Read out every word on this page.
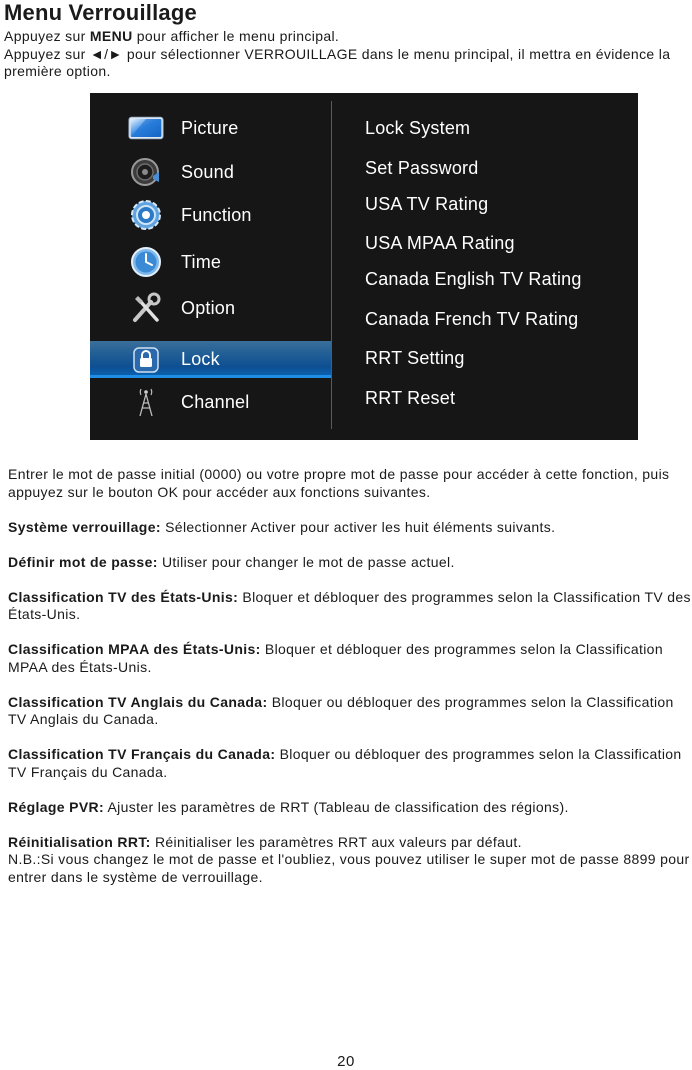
Menu Verrouillage

Appuyez sur MENU pour afficher le menu principal.

Appuyez sur ◄/► pour sélectionner VERROUILLAGE dans le menu principal, il mettra en évidence la première option.

Picture
Sound
Function
Time
Option
Lock
Channel
Lock System
Set Password
USA TV Rating
USA MPAA Rating
Canada English TV Rating
Canada French TV Rating
RRT Setting
RRT Reset

Entrer le mot de passe initial (0000) ou votre propre mot de passe pour accéder à cette fonction, puis appuyez sur le bouton OK pour accéder aux fonctions suivantes.

Système verrouillage: Sélectionner Activer pour activer les huit éléments suivants.

Définir mot de passe: Utiliser pour changer le mot de passe actuel.

Classification TV des États-Unis: Bloquer et débloquer des programmes selon la Classification TV des États-Unis.

Classification MPAA des États-Unis: Bloquer et débloquer des programmes selon la Classification MPAA des États-Unis.

Classification TV Anglais du Canada: Bloquer ou débloquer des programmes selon la Classification TV Anglais du Canada.

Classification TV Français du Canada: Bloquer ou débloquer des programmes selon la Classification TV Français du Canada.

Réglage PVR: Ajuster les paramètres de RRT (Tableau de classification des régions).

Réinitialisation RRT: Réinitialiser les paramètres RRT aux valeurs par défaut.

N.B.:Si vous changez le mot de passe et l'oubliez, vous pouvez utiliser le super mot de passe 8899 pour entrer dans le système de verrouillage.

20
